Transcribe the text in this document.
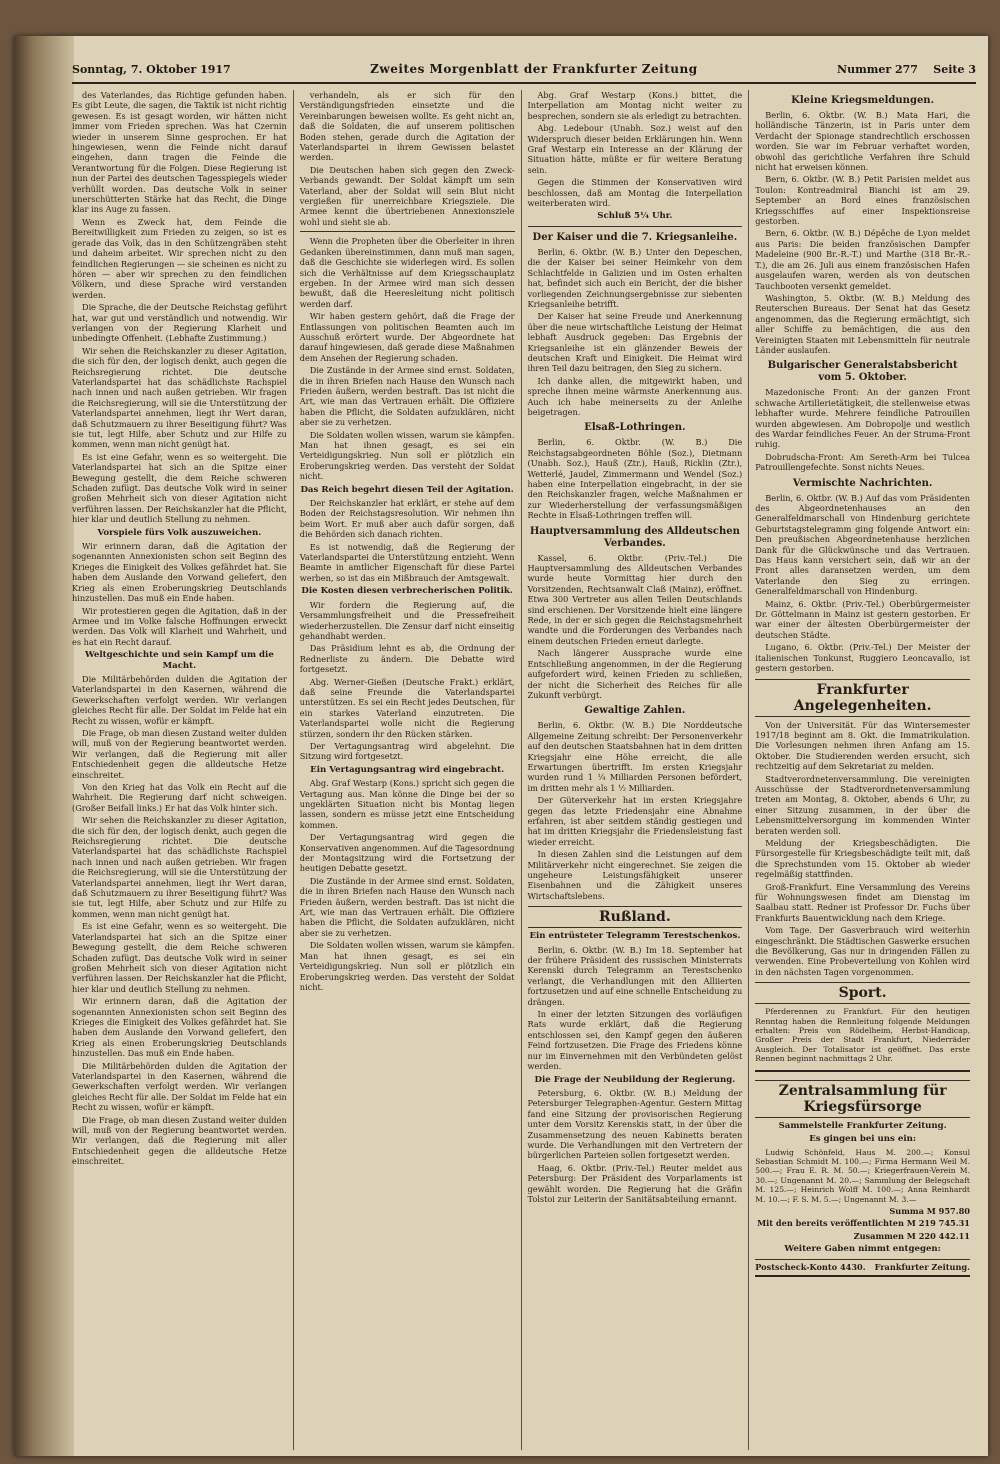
Sonntag, 7. Oktober 1917	Zweites Morgenblatt der Frankfurter Zeitung	Nummer 277 Seite 3

des Vaterlandes, das Richtige gefunden haben. Es gibt Leute, die sagen, die Taktik ist nicht richtig gewesen. Es ist gesagt worden, wir hätten nicht immer vom Frieden sprechen. Was hat Czernin wieder in unserem Sinne gesprochen. Er hat hingewiesen, wenn die Feinde nicht darauf eingehen, dann tragen die Feinde die Verantwortung für die Folgen. Diese Regierung ist nun der Partei des deutschen Tagesspiegels wieder verhüllt worden. Das deutsche Volk in seiner unerschütterten Stärke hat das Recht, die Dinge klar ins Auge zu fassen.

Wenn es Zweck hat, dem Feinde die Bereitwilligkeit zum Frieden zu zeigen, so ist es gerade das Volk, das in den Schützengräben steht und daheim arbeitet. Wir sprechen nicht zu den feindlichen Regierungen — sie scheinen es nicht zu hören — aber wir sprechen zu den feindlichen Völkern, und diese Sprache wird verstanden werden.

Die Sprache, die der Deutsche Reichstag geführt hat, war gut und verständlich und notwendig. Wir verlangen von der Regierung Klarheit und unbedingte Offenheit. (Lebhafte Zustimmung.)

Wir sehen die Reichskanzler zu dieser Agitation, die sich für den, der logisch denkt, auch gegen die Reichsregierung richtet. Die deutsche Vaterlandspartei hat das schädlichste Rachspiel nach innen und nach außen getrieben. Wir fragen die Reichsregierung, will sie die Unterstützung der Vaterlandspartei annehmen, liegt ihr Wert daran, daß Schutzmauern zu ihrer Beseitigung führt? Was sie tut, legt Hilfe, aber Schutz und zur Hilfe zu kommen, wenn man nicht genügt hat.

Es ist eine Gefahr, wenn es so weitergeht. Die Vaterlandspartei hat sich an die Spitze einer Bewegung gestellt, die dem Reiche schweren Schaden zufügt. Das deutsche Volk wird in seiner großen Mehrheit sich von dieser Agitation nicht verführen lassen. Der Reichskanzler hat die Pflicht, hier klar und deutlich Stellung zu nehmen.

Vorspiele fürs Volk auszuweichen.

Wir erinnern daran, daß die Agitation der sogenannten Annexionisten schon seit Beginn des Krieges die Einigkeit des Volkes gefährdet hat. Sie haben dem Auslande den Vorwand geliefert, den Krieg als einen Eroberungskrieg Deutschlands hinzustellen. Das muß ein Ende haben.

Wir protestieren gegen die Agitation, daß in der Armee und im Volke falsche Hoffnungen erweckt werden. Das Volk will Klarheit und Wahrheit, und es hat ein Recht darauf.

Weltgeschichte und sein Kampf um die Macht.

Die Militärbehörden dulden die Agitation der Vaterlandspartei in den Kasernen, während die Gewerkschaften verfolgt werden. Wir verlangen gleiches Recht für alle. Der Soldat im Felde hat ein Recht zu wissen, wofür er kämpft.

Die Frage, ob man diesen Zustand weiter dulden will, muß von der Regierung beantwortet werden. Wir verlangen, daß die Regierung mit aller Entschiedenheit gegen die alldeutsche Hetze einschreitet.

Von den Krieg hat das Volk ein Recht auf die Wahrheit. Die Regierung darf nicht schweigen. (Großer Beifall links.) Er hat das Volk hinter sich.

Wir sehen die Reichskanzler zu dieser Agitation, die sich für den, der logisch denkt, auch gegen die Reichsregierung richtet. Die deutsche Vaterlandspartei hat das schädlichste Rachspiel nach innen und nach außen getrieben. Wir fragen die Reichsregierung, will sie die Unterstützung der Vaterlandspartei annehmen, liegt ihr Wert daran, daß Schutzmauern zu ihrer Beseitigung führt? Was sie tut, legt Hilfe, aber Schutz und zur Hilfe zu kommen, wenn man nicht genügt hat.

Es ist eine Gefahr, wenn es so weitergeht. Die Vaterlandspartei hat sich an die Spitze einer Bewegung gestellt, die dem Reiche schweren Schaden zufügt. Das deutsche Volk wird in seiner großen Mehrheit sich von dieser Agitation nicht verführen lassen. Der Reichskanzler hat die Pflicht, hier klar und deutlich Stellung zu nehmen.

Wir erinnern daran, daß die Agitation der sogenannten Annexionisten schon seit Beginn des Krieges die Einigkeit des Volkes gefährdet hat. Sie haben dem Auslande den Vorwand geliefert, den Krieg als einen Eroberungskrieg Deutschlands hinzustellen. Das muß ein Ende haben.

Die Militärbehörden dulden die Agitation der Vaterlandspartei in den Kasernen, während die Gewerkschaften verfolgt werden. Wir verlangen gleiches Recht für alle. Der Soldat im Felde hat ein Recht zu wissen, wofür er kämpft.

Die Frage, ob man diesen Zustand weiter dulden will, muß von der Regierung beantwortet werden. Wir verlangen, daß die Regierung mit aller Entschiedenheit gegen die alldeutsche Hetze einschreitet.

verhandeln, als er sich für den Verständigungsfrieden einsetzte und die Vereinbarungen beweisen wollte. Es geht nicht an, daß die Soldaten, die auf unserem politischen Boden stehen, gerade durch die Agitation der Vaterlandspartei in ihrem Gewissen belastet werden.

Die Deutschen haben sich gegen den Zweck-Verbands gewandt. Der Soldat kämpft um sein Vaterland, aber der Soldat will sein Blut nicht vergießen für unerreichbare Kriegsziele. Die Armee kennt die übertriebenen Annexionsziele wohl und sieht sie ab.

Wenn die Propheten über die Oberleiter in ihren Gedanken übereinstimmen, dann muß man sagen, daß die Geschichte sie widerlegen wird. Es sollen sich die Verhältnisse auf dem Kriegsschauplatz ergeben. In der Armee wird man sich dessen bewußt, daß die Heeresleitung nicht politisch werden darf.

Wir haben gestern gehört, daß die Frage der Entlassungen von politischen Beamten auch im Ausschuß erörtert wurde. Der Abgeordnete hat darauf hingewiesen, daß gerade diese Maßnahmen dem Ansehen der Regierung schaden.

Die Zustände in der Armee sind ernst. Soldaten, die in ihren Briefen nach Hause den Wunsch nach Frieden äußern, werden bestraft. Das ist nicht die Art, wie man das Vertrauen erhält. Die Offiziere haben die Pflicht, die Soldaten aufzuklären, nicht aber sie zu verhetzen.

Die Soldaten wollen wissen, warum sie kämpfen. Man hat ihnen gesagt, es sei ein Verteidigungskrieg. Nun soll er plötzlich ein Eroberungskrieg werden. Das versteht der Soldat nicht.

Das Reich begehrt diesen Teil der Agitation.

Der Reichskanzler hat erklärt, er stehe auf dem Boden der Reichstagsresolution. Wir nehmen ihn beim Wort. Er muß aber auch dafür sorgen, daß die Behörden sich danach richten.

Es ist notwendig, daß die Regierung der Vaterlandspartei die Unterstützung entzieht. Wenn Beamte in amtlicher Eigenschaft für diese Partei werben, so ist das ein Mißbrauch der Amtsgewalt.

Die Kosten diesen verbrecherischen Politik.

Wir fordern die Regierung auf, die Versammlungsfreiheit und die Pressefreiheit wiederherzustellen. Die Zensur darf nicht einseitig gehandhabt werden.

Das Präsidium lehnt es ab, die Ordnung der Rednerliste zu ändern. Die Debatte wird fortgesetzt.

Abg. Werner-Gießen (Deutsche Frakt.) erklärt, daß seine Freunde die Vaterlandspartei unterstützen. Es sei ein Recht jedes Deutschen, für ein starkes Vaterland einzutreten. Die Vaterlandspartei wolle nicht die Regierung stürzen, sondern ihr den Rücken stärken.

Der Vertagungsantrag wird abgelehnt. Die Sitzung wird fortgesetzt.

Ein Vertagungsantrag wird eingebracht.

Abg. Graf Westarp (Kons.) spricht sich gegen die Vertagung aus. Man könne die Dinge bei der so ungeklärten Situation nicht bis Montag liegen lassen, sondern es müsse jetzt eine Entscheidung kommen.

Der Vertagungsantrag wird gegen die Konservativen angenommen. Auf die Tagesordnung der Montagsitzung wird die Fortsetzung der heutigen Debatte gesetzt.

Die Zustände in der Armee sind ernst. Soldaten, die in ihren Briefen nach Hause den Wunsch nach Frieden äußern, werden bestraft. Das ist nicht die Art, wie man das Vertrauen erhält. Die Offiziere haben die Pflicht, die Soldaten aufzuklären, nicht aber sie zu verhetzen.

Die Soldaten wollen wissen, warum sie kämpfen. Man hat ihnen gesagt, es sei ein Verteidigungskrieg. Nun soll er plötzlich ein Eroberungskrieg werden. Das versteht der Soldat nicht.

Abg. Graf Westarp (Kons.) bittet, die Interpellation am Montag nicht weiter zu besprechen, sondern sie als erledigt zu betrachten.

Abg. Ledebour (Unabh. Soz.) weist auf den Widerspruch dieser beiden Erklärungen hin. Wenn Graf Westarp ein Interesse an der Klärung der Situation hätte, müßte er für weitere Beratung sein.

Gegen die Stimmen der Konservativen wird beschlossen, daß am Montag die Interpellation weiterberaten wird.

Schluß 5¼ Uhr.
Der Kaiser und die 7. Kriegsanleihe.

Berlin, 6. Oktbr. (W. B.) Unter den Depeschen, die der Kaiser bei seiner Heimkehr von dem Schlachtfelde in Galizien und im Osten erhalten hat, befindet sich auch ein Bericht, der die bisher vorliegenden Zeichnungsergebnisse zur siebenten Kriegsanleihe betrifft.

Der Kaiser hat seine Freude und Anerkennung über die neue wirtschaftliche Leistung der Heimat lebhaft Ausdruck gegeben: Das Ergebnis der Kriegsanleihe ist ein glänzender Beweis der deutschen Kraft und Einigkeit. Die Heimat wird ihren Teil dazu beitragen, den Sieg zu sichern.

Ich danke allen, die mitgewirkt haben, und spreche ihnen meine wärmste Anerkennung aus. Auch ich habe meinerseits zu der Anleihe beigetragen.

Elsaß-Lothringen.

Berlin, 6. Oktbr. (W. B.) Die Reichstagsabgeordneten Böhle (Soz.), Dietmann (Unabh. Soz.), Hauß (Ztr.), Hauß, Ricklin (Ztr.), Wetterlé, Jaudel, Zimmermann und Wendel (Soz.) haben eine Interpellation eingebracht, in der sie den Reichskanzler fragen, welche Maßnahmen er zur Wiederherstellung der verfassungsmäßigen Rechte in Elsaß-Lothringen treffen will.

Hauptversammlung des Alldeutschen Verbandes.

Kassel, 6. Oktbr. (Priv.-Tel.) Die Hauptversammlung des Alldeutschen Verbandes wurde heute Vormittag hier durch den Vorsitzenden, Rechtsanwalt Claß (Mainz), eröffnet. Etwa 300 Vertreter aus allen Teilen Deutschlands sind erschienen. Der Vorsitzende hielt eine längere Rede, in der er sich gegen die Reichstagsmehrheit wandte und die Forderungen des Verbandes nach einem deutschen Frieden erneut darlegte.

Nach längerer Aussprache wurde eine Entschließung angenommen, in der die Regierung aufgefordert wird, keinen Frieden zu schließen, der nicht die Sicherheit des Reiches für alle Zukunft verbürgt.

Gewaltige Zahlen.

Berlin, 6. Oktbr. (W. B.) Die Norddeutsche Allgemeine Zeitung schreibt: Der Personenverkehr auf den deutschen Staatsbahnen hat in dem dritten Kriegsjahr eine Höhe erreicht, die alle Erwartungen übertrifft. Im ersten Kriegsjahr wurden rund 1 ¼ Milliarden Personen befördert, im dritten mehr als 1 ½ Milliarden.

Der Güterverkehr hat im ersten Kriegsjahre gegen das letzte Friedensjahr eine Abnahme erfahren, ist aber seitdem ständig gestiegen und hat im dritten Kriegsjahr die Friedensleistung fast wieder erreicht.

In diesen Zahlen sind die Leistungen auf dem Militärverkehr nicht eingerechnet. Sie zeigen die ungeheure Leistungsfähigkeit unserer Eisenbahnen und die Zähigkeit unseres Wirtschaftslebens.

Rußland.
Ein entrüsteter Telegramm Terestschenkos.

Berlin, 6. Oktbr. (W. B.) Im 18. September hat der frühere Präsident des russischen Ministerrats Kerenski durch Telegramm an Terestschenko verlangt, die Verhandlungen mit den Alliierten fortzusetzen und auf eine schnelle Entscheidung zu drängen.

In einer der letzten Sitzungen des vorläufigen Rats wurde erklärt, daß die Regierung entschlossen sei, den Kampf gegen den äußeren Feind fortzusetzen. Die Frage des Friedens könne nur im Einvernehmen mit den Verbündeten gelöst werden.

Die Frage der Neubildung der Regierung.

Petersburg, 6. Oktbr. (W. B.) Meldung der Petersburger Telegraphen-Agentur. Gestern Mittag fand eine Sitzung der provisorischen Regierung unter dem Vorsitz Kerenskis statt, in der über die Zusammensetzung des neuen Kabinetts beraten wurde. Die Verhandlungen mit den Vertretern der bürgerlichen Parteien sollen fortgesetzt werden.

Haag, 6. Oktbr. (Priv.-Tel.) Reuter meldet aus Petersburg: Der Präsident des Vorparlaments ist gewählt worden. Die Regierung hat die Gräfin Tolstoi zur Leiterin der Sanitätsabteilung ernannt.

Kleine Kriegsmeldungen.

Berlin, 6. Oktbr. (W. B.) Mata Hari, die holländische Tänzerin, ist in Paris unter dem Verdacht der Spionage standrechtlich erschossen worden. Sie war im Februar verhaftet worden, obwohl das gerichtliche Verfahren ihre Schuld nicht hat erweisen können.

Bern, 6. Oktbr. (W. B.) Petit Parisien meldet aus Toulon: Kontreadmiral Bianchi ist am 29. September an Bord eines französischen Kriegsschiffes auf einer Inspektionsreise gestorben.

Bern, 6. Oktbr. (W. B.) Dépêche de Lyon meldet aus Paris: Die beiden französischen Dampfer Madeleine (900 Br.-R.-T.) und Marthe (318 Br.-R.-T.), die am 26. Juli aus einem französischen Hafen ausgelaufen waren, werden als von deutschen Tauchbooten versenkt gemeldet.

Washington, 5. Oktbr. (W. B.) Meldung des Reuterschen Bureaus. Der Senat hat das Gesetz angenommen, das die Regierung ermächtigt, sich aller Schiffe zu bemächtigen, die aus den Vereinigten Staaten mit Lebensmitteln für neutrale Länder auslaufen.

Bulgarischer Generalstabsbericht vom 5. Oktober.

Mazedonische Front: An der ganzen Front schwache Artillerietätigkeit, die stellenweise etwas lebhafter wurde. Mehrere feindliche Patrouillen wurden abgewiesen. Am Dobropolje und westlich des Wardar feindliches Feuer. An der Struma-Front ruhig.

Dobrudscha-Front: Am Sereth-Arm bei Tulcea Patrouillengefechte. Sonst nichts Neues.

Vermischte Nachrichten.

Berlin, 6. Oktbr. (W. B.) Auf das vom Präsidenten des Abgeordnetenhauses an den Generalfeldmarschall von Hindenburg gerichtete Geburtstagstelegramm ging folgende Antwort ein: Den preußischen Abgeordnetenhause herzlichen Dank für die Glückwünsche und das Vertrauen. Das Haus kann versichert sein, daß wir an der Front alles daransetzen werden, um dem Vaterlande den Sieg zu erringen. Generalfeldmarschall von Hindenburg.

Mainz, 6. Oktbr. (Priv.-Tel.) Oberbürgermeister Dr. Göttelmann in Mainz ist gestern gestorben. Er war einer der ältesten Oberbürgermeister der deutschen Städte.

Lugano, 6. Oktbr. (Priv.-Tel.) Der Meister der italienischen Tonkunst, Ruggiero Leoncavallo, ist gestern gestorben.

Frankfurter Angelegenheiten.

Von der Universität. Für das Wintersemester 1917/18 beginnt am 8. Okt. die Immatrikulation. Die Vorlesungen nehmen ihren Anfang am 15. Oktober. Die Studierenden werden ersucht, sich rechtzeitig auf dem Sekretariat zu melden.

Stadtverordnetenversammlung. Die vereinigten Ausschüsse der Stadtverordnetenversammlung treten am Montag, 8. Oktober, abends 6 Uhr, zu einer Sitzung zusammen, in der über die Lebensmittelversorgung im kommenden Winter beraten werden soll.

Meldung der Kriegsbeschädigten. Die Fürsorgestelle für Kriegsbeschädigte teilt mit, daß die Sprechstunden vom 15. Oktober ab wieder regelmäßig stattfinden.

Groß-Frankfurt. Eine Versammlung des Vereins für Wohnungswesen findet am Dienstag im Saalbau statt. Redner ist Professor Dr. Fuchs über Frankfurts Bauentwicklung nach dem Kriege.

Vom Tage. Der Gasverbrauch wird weiterhin eingeschränkt. Die Städtischen Gaswerke ersuchen die Bevölkerung, Gas nur in dringenden Fällen zu verwenden. Eine Probeverteilung von Kohlen wird in den nächsten Tagen vorgenommen.

Sport.

Pferderennen zu Frankfurt. Für den heutigen Renntag haben die Rennleitung folgende Meldungen erhalten: Preis von Rödelheim, Herbst-Handicap, Großer Preis der Stadt Frankfurt, Niederräder Ausgleich. Der Totalisator ist geöffnet. Das erste Rennen beginnt nachmittags 2 Uhr.

Zentralsammlung für Kriegsfürsorge
Sammelstelle Frankfurter Zeitung.
Es gingen bei uns ein:

Ludwig Schönfeld, Haus M. 200.—; Konsul Sebastian Schmidt M. 100.—; Firma Hermann Weil M. 500.—; Frau E. R. M. 50.—; Kriegerfrauen-Verein M. 30.—; Ungenannt M. 20.—; Sammlung der Belegschaft M. 125.—; Heinrich Wolff M. 100.—; Anna Reinhardt M. 10.—; F. S. M. 5.—; Ungenannt M. 3.—

Summa M 957.80
Mit den bereits veröffentlichten M 219 745.31
Zusammen M 220 442.11
Weitere Gaben nimmt entgegen:
Postscheck-Konto 4430. Frankfurter Zeitung.
